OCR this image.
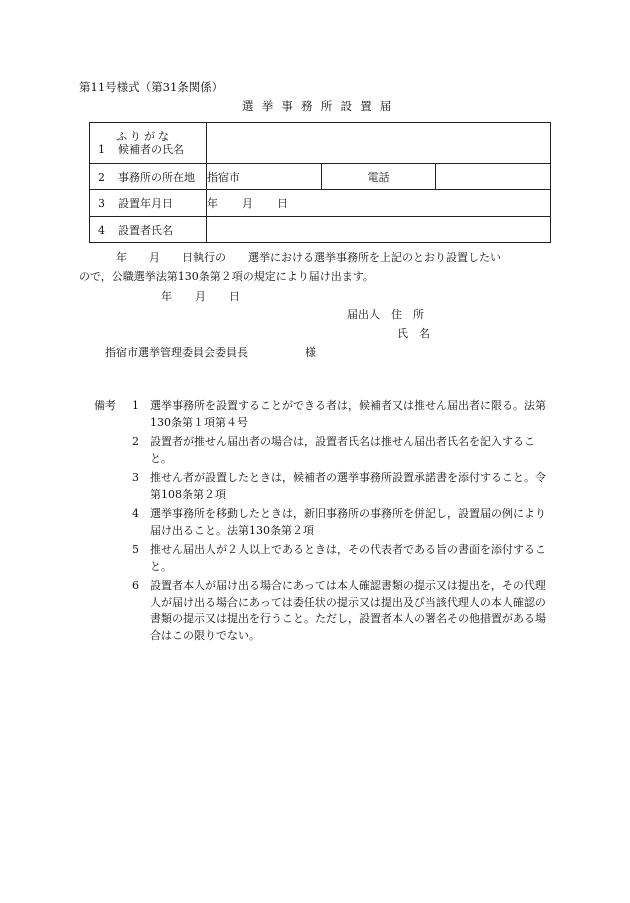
第11号様式（第31条関係）
選挙事務所設置届
ふりがな
1 候補者の氏名			

2 事務所の所在地	指宿市	電話	
3 設置年月日	年 月 日		
4 設置者氏名			

年　　月　　日執行の　　選挙における選挙事務所を上記のとおり設置したい

ので，公職選挙法第130条第２項の規定により届け出ます。

年 月 日
届出人　住　所
氏　名
指宿市選挙管理委員会委員長	様
備考	1	選挙事務所を設置することができる者は，候補者又は推せん届出者に限る。法第130条第１項第４号
2	設置者が推せん届出者の場合は，設置者氏名は推せん届出者氏名を記入すること。
3	推せん者が設置したときは，候補者の選挙事務所設置承諾書を添付すること。令第108条第２項
4	選挙事務所を移動したときは，新旧事務所の事務所を併記し，設置届の例により届け出ること。法第130条第２項
5	推せん届出人が２人以上であるときは，その代表者である旨の書面を添付すること。
6	設置者本人が届け出る場合にあっては本人確認書類の提示又は提出を，その代理人が届け出る場合にあっては委任状の提示又は提出及び当該代理人の本人確認の書類の提示又は提出を行うこと。ただし，設置者本人の署名その他措置がある場合はこの限りでない。
